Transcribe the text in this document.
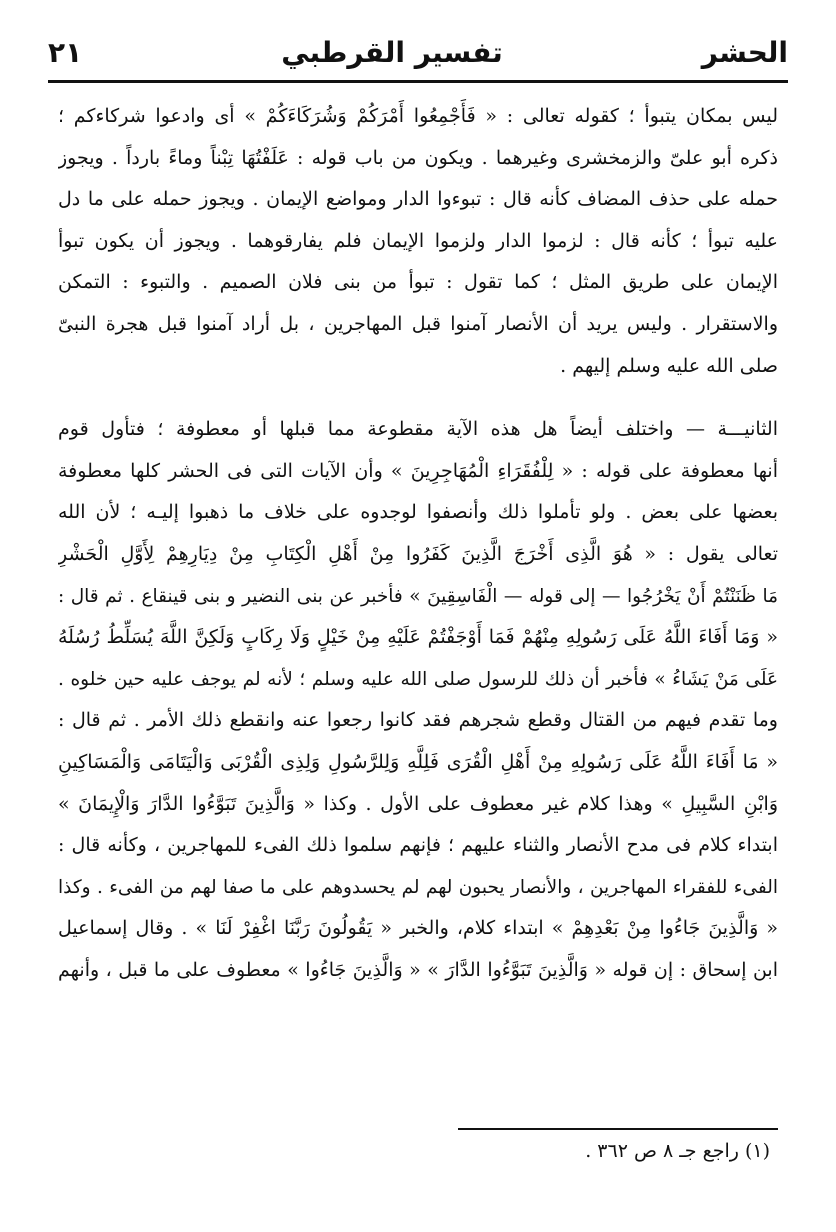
الحشر
تفسير القرطبي
٢١
ليس بمكان يتبوأ ؛ كقوله تعالى : « فَأَجْمِعُوا أَمْرَكُمْ وَشُرَكَاءَكُمْ » أى وادعوا شركاءكم ؛
ذكره أبو علىّ والزمخشرى وغيرهما . ويكون من باب قوله : عَلَفْتُهَا تِبْناً وماءً بارداً . ويجوز
حمله على حذف المضاف كأنه قال : تبوءوا الدار ومواضع الإيمان . ويجوز حمله على ما دل
عليه تبوأ ؛ كأنه قال : لزموا الدار ولزموا الإيمان فلم يفارقوهما . ويجوز أن يكون تبوأ
الإيمان على طريق المثل ؛ كما تقول : تبوأ من بنى فلان الصميم . والتبوء : التمكن
والاستقرار . وليس يريد أن الأنصار آمنوا قبل المهاجرين ، بل أراد آمنوا قبل هجرة النبىّ
صلى الله عليه وسلم إليهم .
الثانيـــة — واختلف أيضاً هل هذه الآية مقطوعة مما قبلها أو معطوفة ؛ فتأول قوم
أنها معطوفة على قوله : « لِلْفُقَرَاءِ الْمُهَاجِرِينَ » وأن الآيات التى فى الحشر كلها معطوفة
بعضها على بعض . ولو تأملوا ذلك وأنصفوا لوجدوه على خلاف ما ذهبوا إليـه ؛ لأن الله
تعالى يقول : « هُوَ الَّذِى أَخْرَجَ الَّذِينَ كَفَرُوا مِنْ أَهْلِ الْكِتَابِ مِنْ دِيَارِهِمْ لِأَوَّلِ الْحَشْرِ
مَا ظَنَنْتُمْ أَنْ يَخْرُجُوا — إلى قوله — الْفَاسِقِينَ » فأخبر عن بنى النضير و بنى قينقاع . ثم قال :
« وَمَا أَفَاءَ اللَّهُ عَلَى رَسُولِهِ مِنْهُمْ فَمَا أَوْجَفْتُمْ عَلَيْهِ مِنْ خَيْلٍ وَلَا رِكَابٍ وَلَكِنَّ اللَّهَ يُسَلِّطُ رُسُلَهُ
عَلَى مَنْ يَشَاءُ » فأخبر أن ذلك للرسول صلى الله عليه وسلم ؛ لأنه لم يوجف عليه حين خلوه .
وما تقدم فيهم من القتال وقطع شجرهم فقد كانوا رجعوا عنه وانقطع ذلك الأمر . ثم قال :
« مَا أَفَاءَ اللَّهُ عَلَى رَسُولِهِ مِنْ أَهْلِ الْقُرَى فَلِلَّهِ وَلِلرَّسُولِ وَلِذِى الْقُرْبَى وَالْيَتَامَى وَالْمَسَاكِينِ
وَابْنِ السَّبِيلِ » وهذا كلام غير معطوف على الأول . وكذا « وَالَّذِينَ تَبَوَّءُوا الدَّارَ وَالْإِيمَانَ »
ابتداء كلام فى مدح الأنصار والثناء عليهم ؛ فإنهم سلموا ذلك الفىء للمهاجرين ، وكأنه قال :
الفىء للفقراء المهاجرين ، والأنصار يحبون لهم لم يحسدوهم على ما صفا لهم من الفىء . وكذا
« وَالَّذِينَ جَاءُوا مِنْ بَعْدِهِمْ » ابتداء كلام، والخبر « يَقُولُونَ رَبَّنَا اغْفِرْ لَنَا » . وقال إسماعيل
ابن إسحاق : إن قوله « وَالَّذِينَ تَبَوَّءُوا الدَّارَ » « وَالَّذِينَ جَاءُوا » معطوف على ما قبل ، وأنهم
(١) راجع جـ ٨ ص ٣٦٢ .
